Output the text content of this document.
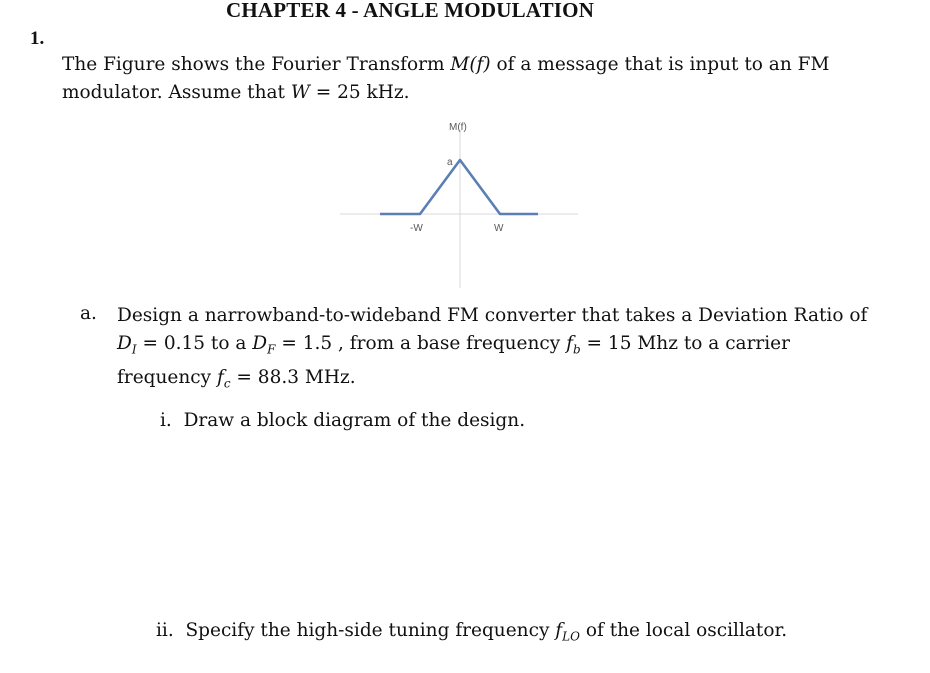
CHAPTER 4 - ANGLE MODULATION
1.
The Figure shows the Fourier Transform M(f) of a message that is input to an FM
modulator. Assume that W = 25 kHz.
M(f)
a
-W	W
a. Design a narrowband-to-wideband FM converter that takes a Deviation Ratio of
$D_I = 0.15$ to a $D_F = 1.5$ , from a base frequency $f_b = 15$ Mhz to a carrier
frequency $f_c = 88.3$ MHz.
i. Draw a block diagram of the design.
ii. Specify the high-side tuning frequency $f_{LO}$ of the local oscillator.
